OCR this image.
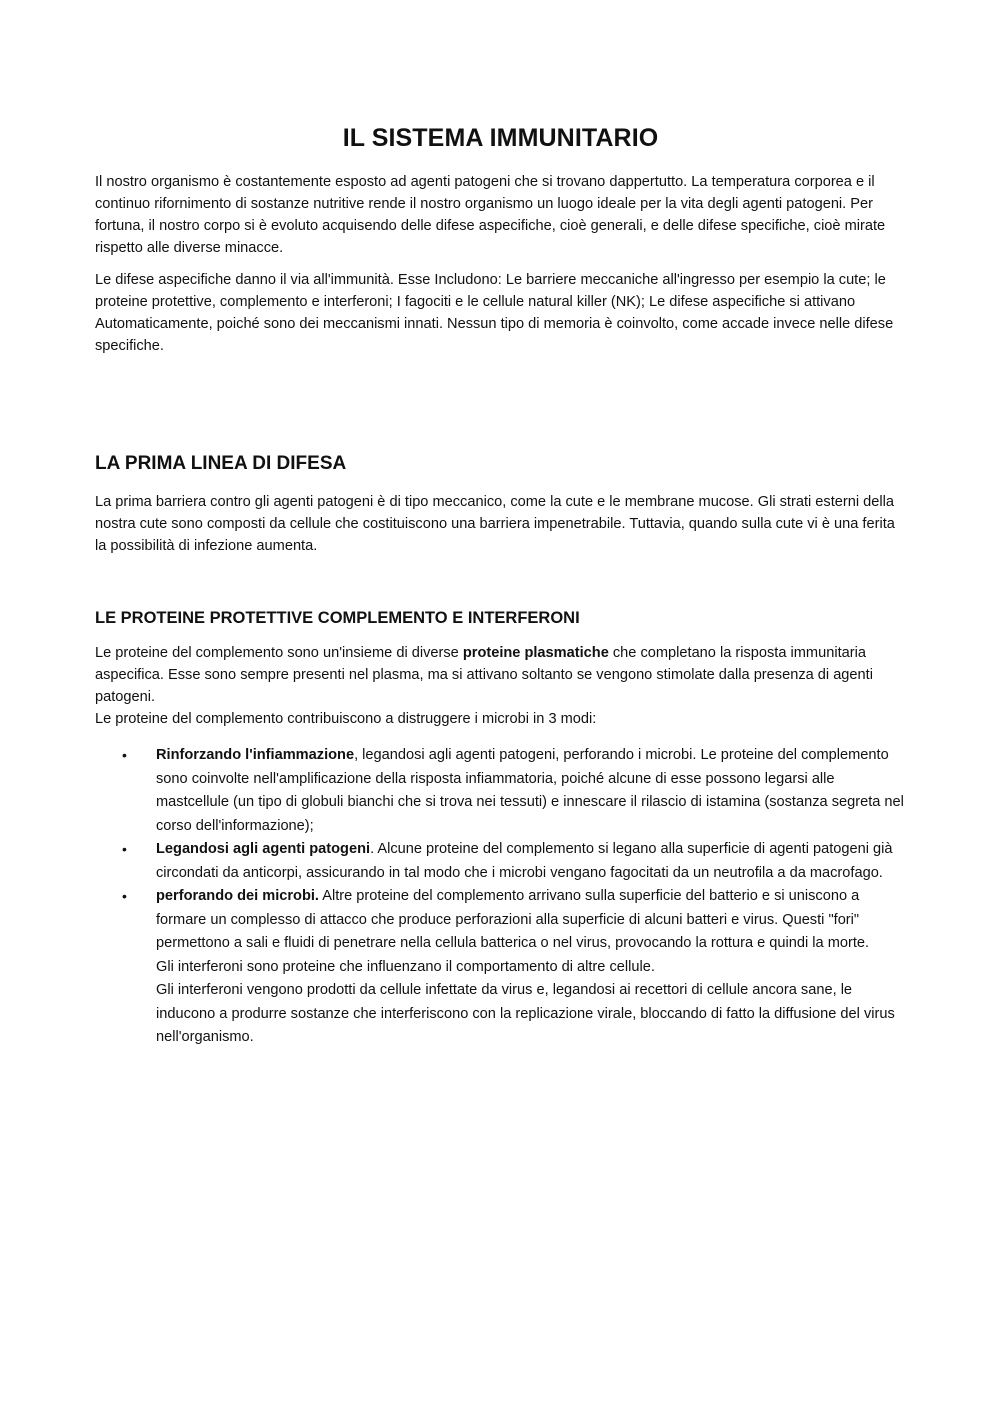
IL SISTEMA IMMUNITARIO

Il nostro organismo è costantemente esposto ad agenti patogeni che si trovano dappertutto. La temperatura corporea e il continuo rifornimento di sostanze nutritive rende il nostro organismo un luogo ideale per la vita degli agenti patogeni. Per fortuna, il nostro corpo si è evoluto acquisendo delle difese aspecifiche, cioè generali, e delle difese specifiche, cioè mirate rispetto alle diverse minacce.

Le difese aspecifiche danno il via all'immunità. Esse Includono: Le barriere meccaniche all'ingresso per esempio la cute; le proteine protettive, complemento e interferoni; I fagociti e le cellule natural killer (NK); Le difese aspecifiche si attivano Automaticamente, poiché sono dei meccanismi innati. Nessun tipo di memoria è coinvolto, come accade invece nelle difese specifiche.

LA PRIMA LINEA DI DIFESA

La prima barriera contro gli agenti patogeni è di tipo meccanico, come la cute e le membrane mucose. Gli strati esterni della nostra cute sono composti da cellule che costituiscono una barriera impenetrabile. Tuttavia, quando sulla cute vi è una ferita la possibilità di infezione aumenta.

LE PROTEINE PROTETTIVE COMPLEMENTO E INTERFERONI

Le proteine del complemento sono un'insieme di diverse proteine plasmatiche che completano la risposta immunitaria aspecifica. Esse sono sempre presenti nel plasma, ma si attivano soltanto se vengono stimolate dalla presenza di agenti patogeni.

Le proteine del complemento contribuiscono a distruggere i microbi in 3 modi:

• Rinforzando l'infiammazione, legandosi agli agenti patogeni, perforando i microbi. Le proteine del complemento sono coinvolte nell'amplificazione della risposta infiammatoria, poiché alcune di esse possono legarsi alle mastcellule (un tipo di globuli bianchi che si trova nei tessuti) e innescare il rilascio di istamina (sostanza segreta nel corso dell'informazione);
• Legandosi agli agenti patogeni. Alcune proteine del complemento si legano alla superficie di agenti patogeni già circondati da anticorpi, assicurando in tal modo che i microbi vengano fagocitati da un neutrofila a da macrofago.
• perforando dei microbi. Altre proteine del complemento arrivano sulla superficie del batterio e si uniscono a formare un complesso di attacco che produce perforazioni alla superficie di alcuni batteri e virus. Questi "fori" permettono a sali e fluidi di penetrare nella cellula batterica o nel virus, provocando la rottura e quindi la morte.
Gli interferoni sono proteine che influenzano il comportamento di altre cellule.
Gli interferoni vengono prodotti da cellule infettate da virus e, legandosi ai recettori di cellule ancora sane, le inducono a produrre sostanze che interferiscono con la replicazione virale, bloccando di fatto la diffusione del virus nell'organismo.
